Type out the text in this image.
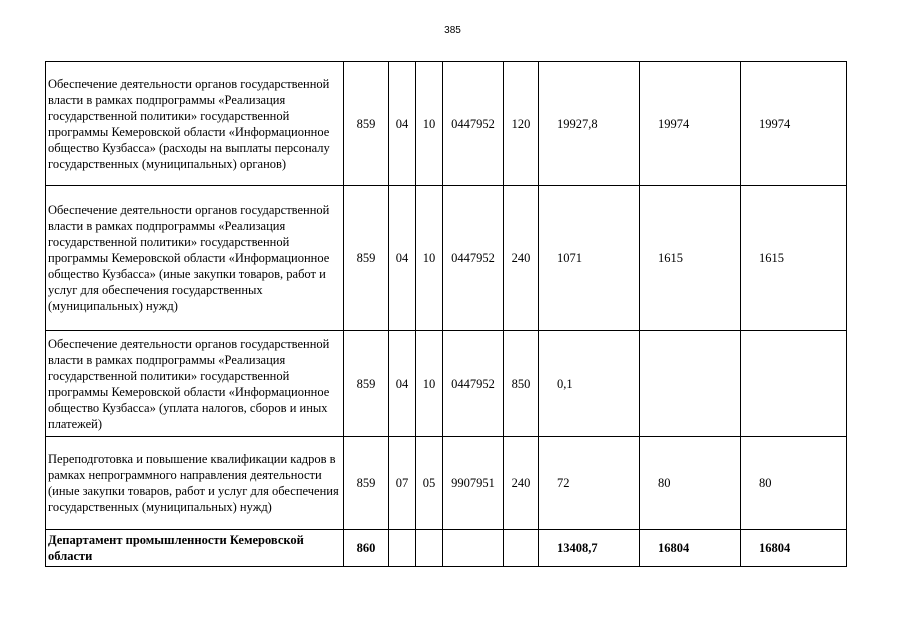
385
Обеспечение деятельности органов государственной власти в рамках подпрограммы «Реализация государственной политики» государственной программы Кемеровской области «Информационное общество Кузбасса» (расходы на выплаты персоналу государственных (муниципальных) органов)	859	04	10	0447952	120	19927,8	19974	19974
Обеспечение деятельности органов государственной власти в рамках подпрограммы «Реализация государственной политики» государственной программы Кемеровской области «Информационное общество Кузбасса» (иные закупки товаров, работ и услуг для обеспечения государственных (муниципальных) нужд)	859	04	10	0447952	240	1071	1615	1615
Обеспечение деятельности органов государственной власти в рамках подпрограммы «Реализация государственной политики» государственной программы Кемеровской области «Информационное общество Кузбасса» (уплата налогов, сборов и иных платежей)	859	04	10	0447952	850	0,1		
Переподготовка и повышение квалификации кадров в рамках непрограммного направления деятельности (иные закупки товаров, работ и услуг для обеспечения государственных (муниципальных) нужд)	859	07	05	9907951	240	72	80	80
Департамент промышленности Кемеровской области	860					13408,7	16804	16804
